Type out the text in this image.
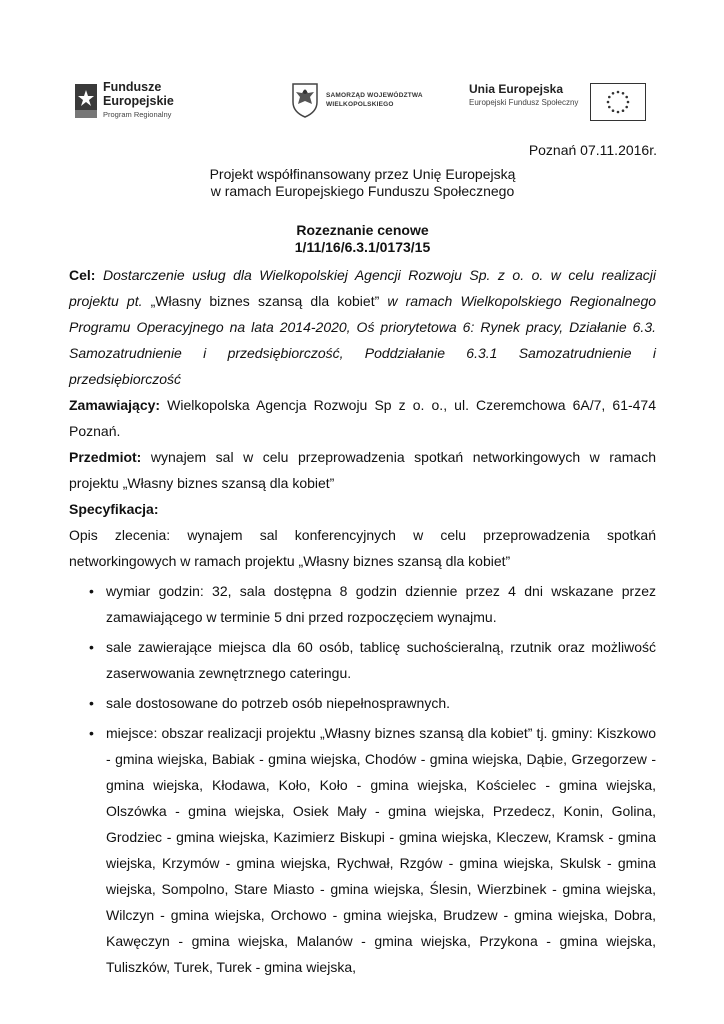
Fundusze
Europejskie
Program Regionalny
SAMORZĄD WOJEWÓDZTWA
WIELKOPOLSKIEGO
Unia Europejska
Europejski Fundusz Społeczny
Poznań 07.11.2016r.
Projekt współfinansowany przez Unię Europejską
w ramach Europejskiego Funduszu Społecznego
Rozeznanie cenowe
1/11/16/6.3.1/0173/15

Cel: Dostarczenie usług dla Wielkopolskiej Agencji Rozwoju Sp. z o. o. w celu realizacji projektu pt. „Własny biznes szansą dla kobiet” w ramach Wielkopolskiego Regionalnego Programu Operacyjnego na lata 2014-2020, Oś priorytetowa 6: Rynek pracy, Działanie 6.3. Samozatrudnienie i przedsiębiorczość, Poddziałanie 6.3.1 Samozatrudnienie i przedsiębiorczość

Zamawiający: Wielkopolska Agencja Rozwoju Sp z o. o., ul. Czeremchowa 6A/7, 61-474 Poznań.

Przedmiot: wynajem sal w celu przeprowadzenia spotkań networkingowych w ramach projektu „Własny biznes szansą dla kobiet”

Specyfikacja:

Opis zlecenia: wynajem sal konferencyjnych w celu przeprowadzenia spotkań networkingowych w ramach projektu „Własny biznes szansą dla kobiet”

• wymiar godzin: 32, sala dostępna 8 godzin dziennie przez 4 dni wskazane przez zamawiającego w terminie 5 dni przed rozpoczęciem wynajmu.
• sale zawierające miejsca dla 60 osób, tablicę suchościeralną, rzutnik oraz możliwość zaserwowania zewnętrznego cateringu.
• sale dostosowane do potrzeb osób niepełnosprawnych.
• miejsce: obszar realizacji projektu „Własny biznes szansą dla kobiet” tj. gminy: Kiszkowo - gmina wiejska, Babiak - gmina wiejska, Chodów - gmina wiejska, Dąbie, Grzegorzew - gmina wiejska, Kłodawa, Koło, Koło - gmina wiejska, Kościelec - gmina wiejska, Olszówka - gmina wiejska, Osiek Mały - gmina wiejska, Przedecz, Konin, Golina, Grodziec - gmina wiejska, Kazimierz Biskupi - gmina wiejska, Kleczew, Kramsk - gmina wiejska, Krzymów - gmina wiejska, Rychwał, Rzgów - gmina wiejska, Skulsk - gmina wiejska, Sompolno, Stare Miasto - gmina wiejska, Ślesin, Wierzbinek - gmina wiejska, Wilczyn - gmina wiejska, Orchowo - gmina wiejska, Brudzew - gmina wiejska, Dobra, Kawęczyn - gmina wiejska, Malanów - gmina wiejska, Przykona - gmina wiejska, Tuliszków, Turek, Turek - gmina wiejska,
